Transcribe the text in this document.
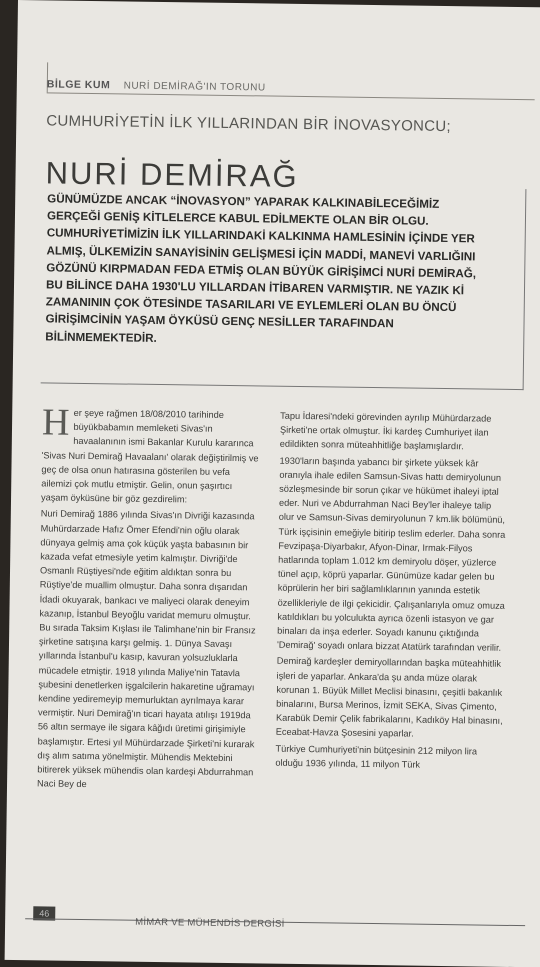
BİLGE KUM NURİ DEMİRAĞ'IN TORUNU
CUMHURİYETİN İLK YILLARINDAN BİR İNOVASYONCU;
NURİ DEMİRAĞ

GÜNÜMÜZDE ANCAK “İNOVASYON” YAPARAK KALKINABİLECEĞİMİZ GERÇEĞİ GENİŞ KİTLELERCE KABUL EDİLMEKTE OLAN BİR OLGU. CUMHURİYETİMİZİN İLK YILLARINDAKİ KALKINMA HAMLESİNİN İÇİNDE YER ALMIŞ, ÜLKEMİZİN SANAYİSİNİN GELİŞMESİ İÇİN MADDİ, MANEVİ VARLIĞINI GÖZÜNÜ KIRPMADAN FEDA ETMİŞ OLAN BÜYÜK GİRİŞİMCİ NURİ DEMİRAĞ, BU BİLİNCE DAHA 1930'LU YILLARDAN İTİBAREN VARMIŞTIR. NE YAZIK Kİ ZAMANININ ÇOK ÖTESİNDE TASARILARI VE EYLEMLERİ OLAN BU ÖNCÜ GİRİŞİMCİNİN YAŞAM ÖYKÜSÜ GENÇ NESİLLER TARAFINDAN BİLİNMEMEKTEDİR.

Her şeye rağmen 18/08/2010 tarihinde büyükbabamın memleketi Sivas'ın havaalanının ismi Bakanlar Kurulu kararınca 'Sivas Nuri Demirağ Havaalanı' olarak değiştirilmiş ve geç de olsa onun hatırasına gösterilen bu vefa ailemizi çok mutlu etmiştir. Gelin, onun şaşırtıcı yaşam öyküsüne bir göz gezdirelim:

Nuri Demirağ 1886 yılında Sivas'ın Divriği kazasında Muhürdarzade Hafız Ömer Efendi'nin oğlu olarak dünyaya gelmiş ama çok küçük yaşta babasının bir kazada vefat etmesiyle yetim kalmıştır. Divriği'de Osmanlı Rüştiyesi'nde eğitim aldıktan sonra bu Rüştiye'de muallim olmuştur. Daha sonra dışarıdan İdadi okuyarak, bankacı ve maliyeci olarak deneyim kazanıp, İstanbul Beyoğlu varidat memuru olmuştur. Bu sırada Taksim Kışlası ile Talimhane'nin bir Fransız şirketine satışına karşı gelmiş. 1. Dünya Savaşı yıllarında İstanbul'u kasıp, kavuran yolsuzluklarla mücadele etmiştir. 1918 yılında Maliye'nin Tatavla şubesini denetlerken işgalcilerin hakaretine uğramayı kendine yediremeyip memurluktan ayrılmaya karar vermiştir. Nuri Demirağ'ın ticari hayata atılışı 1919da 56 altın sermaye ile sigara kâğıdı üretimi girişimiyle başlamıştır. Ertesi yıl Mühürdarzade Şirketi'ni kurarak dış alım satıma yönelmiştir. Mühendis Mektebini bitirerek yüksek mühendis olan kardeşi Abdurrahman Naci Bey de

Tapu İdaresi'ndeki görevinden ayrılıp Mühürdarzade Şirketi'ne ortak olmuştur. İki kardeş Cumhuriyet ilan edildikten sonra müteahhitliğe başlamışlardır.

1930'ların başında yabancı bir şirkete yüksek kâr oranıyla ihale edilen Samsun-Sivas hattı demiryolunun sözleşmesinde bir sorun çıkar ve hükümet ihaleyi iptal eder. Nuri ve Abdurrahman Naci Bey'ler ihaleye talip olur ve Samsun-Sivas demiryolunun 7 km.lik bölümünü, Türk işçisinin emeğiyle bitirip teslim ederler. Daha sonra Fevzipaşa-Diyarbakır, Afyon-Dinar, Irmak-Filyos hatlarında toplam 1.012 km demiryolu döşer, yüzlerce tünel açıp, köprü yaparlar. Günümüze kadar gelen bu köprülerin her biri sağlamlıklarının yanında estetik özellikleriyle de ilgi çekicidir. Çalışanlarıyla omuz omuza katıldıkları bu yolculukta ayrıca özenli istasyon ve gar binaları da inşa ederler. Soyadı kanunu çıktığında 'Demirağ' soyadı onlara bizzat Atatürk tarafından verilir.

Demirağ kardeşler demiryollarından başka müteahhitlik işleri de yaparlar. Ankara'da şu anda müze olarak korunan 1. Büyük Millet Meclisi binasını, çeşitli bakanlık binalarını, Bursa Merinos, İzmit SEKA, Sivas Çimento, Karabük Demir Çelik fabrikalarını, Kadıköy Hal binasını, Eceabat-Havza Şosesini yaparlar.

Türkiye Cumhuriyeti'nin bütçesinin 212 milyon lira olduğu 1936 yılında, 11 milyon Türk

46
MİMAR VE MÜHENDİS DERGİSİ
